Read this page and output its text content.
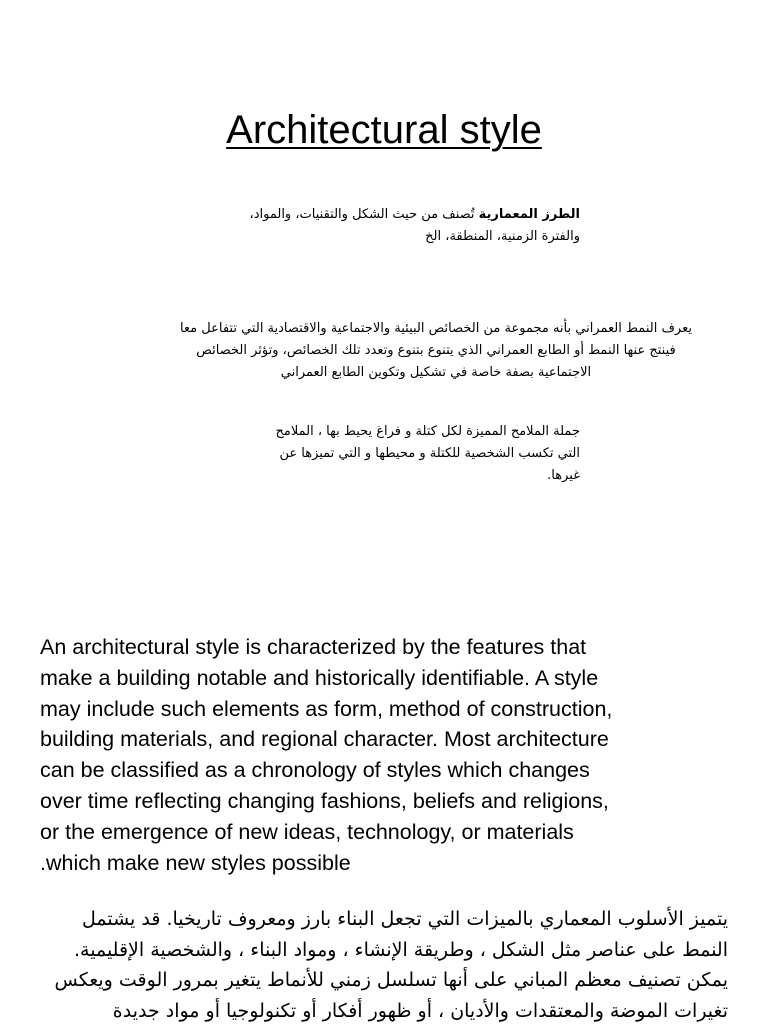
Architectural style
الطرز المعمارية تُصنف من حيث الشكل والتقنيات، والمواد،
والفترة الزمنية، المنطقة، الخ
يعرف النمط العمراني بأنه مجموعة من الخصائص البيئية والاجتماعية والاقتصادية التي تتفاعل معا
فينتج عنها النمط أو الطابع العمراني الذي يتنوع بتنوع وتعدد تلك الخصائص، وتؤثر الخصائص
الاجتماعية بصفة خاصة في تشكيل وتكوين الطابع العمراني
جملة الملامح المميزة لكل كتلة و فراغ يحيط بها ، الملامح
التي تكسب الشخصية للكتلة و محيطها و التي تميزها عن
غيرها.
An architectural style is characterized by the features that
make a building notable and historically identifiable. A style
may include such elements as form, method of construction,
building materials, and regional character. Most architecture
can be classified as a chronology of styles which changes
over time reflecting changing fashions, beliefs and religions,
or the emergence of new ideas, technology, or materials
.which make new styles possible
يتميز الأسلوب المعماري بالميزات التي تجعل البناء بارز ومعروف تاريخيا. قد يشتمل
النمط على عناصر مثل الشكل ، وطريقة الإنشاء ، ومواد البناء ، والشخصية الإقليمية.
يمكن تصنيف معظم المباني على أنها تسلسل زمني للأنماط يتغير بمرور الوقت ويعكس
تغيرات الموضة والمعتقدات والأديان ، أو ظهور أفكار أو تكنولوجيا أو مواد جديدة
